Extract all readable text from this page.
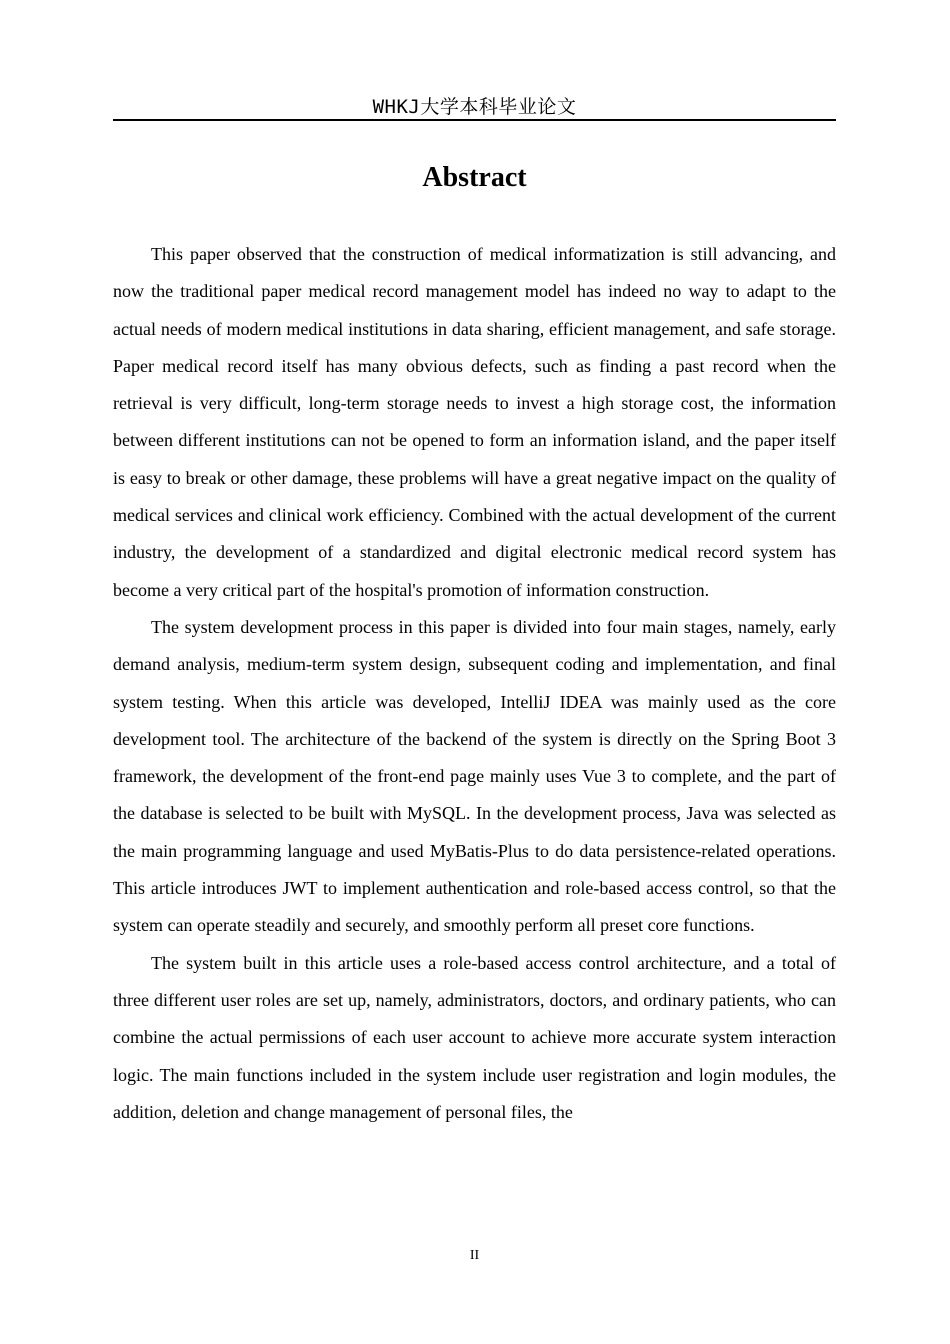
WHKJ大学本科毕业论文
Abstract

This paper observed that the construction of medical informatization is still advancing, and now the traditional paper medical record management model has indeed no way to adapt to the actual needs of modern medical institutions in data sharing, efficient management, and safe storage. Paper medical record itself has many obvious defects, such as finding a past record when the retrieval is very difficult, long-term storage needs to invest a high storage cost, the information between different institutions can not be opened to form an information island, and the paper itself is easy to break or other damage, these problems will have a great negative impact on the quality of medical services and clinical work efficiency. Combined with the actual development of the current industry, the development of a standardized and digital electronic medical record system has become a very critical part of the hospital's promotion of information construction.

The system development process in this paper is divided into four main stages, namely, early demand analysis, medium-term system design, subsequent coding and implementation, and final system testing. When this article was developed, IntelliJ IDEA was mainly used as the core development tool. The architecture of the backend of the system is directly on the Spring Boot 3 framework, the development of the front-end page mainly uses Vue 3 to complete, and the part of the database is selected to be built with MySQL. In the development process, Java was selected as the main programming language and used MyBatis-Plus to do data persistence-related operations. This article introduces JWT to implement authentication and role-based access control, so that the system can operate steadily and securely, and smoothly perform all preset core functions.

The system built in this article uses a role-based access control architecture, and a total of three different user roles are set up, namely, administrators, doctors, and ordinary patients, who can combine the actual permissions of each user account to achieve more accurate system interaction logic. The main functions included in the system include user registration and login modules, the addition, deletion and change management of personal files, the

II
